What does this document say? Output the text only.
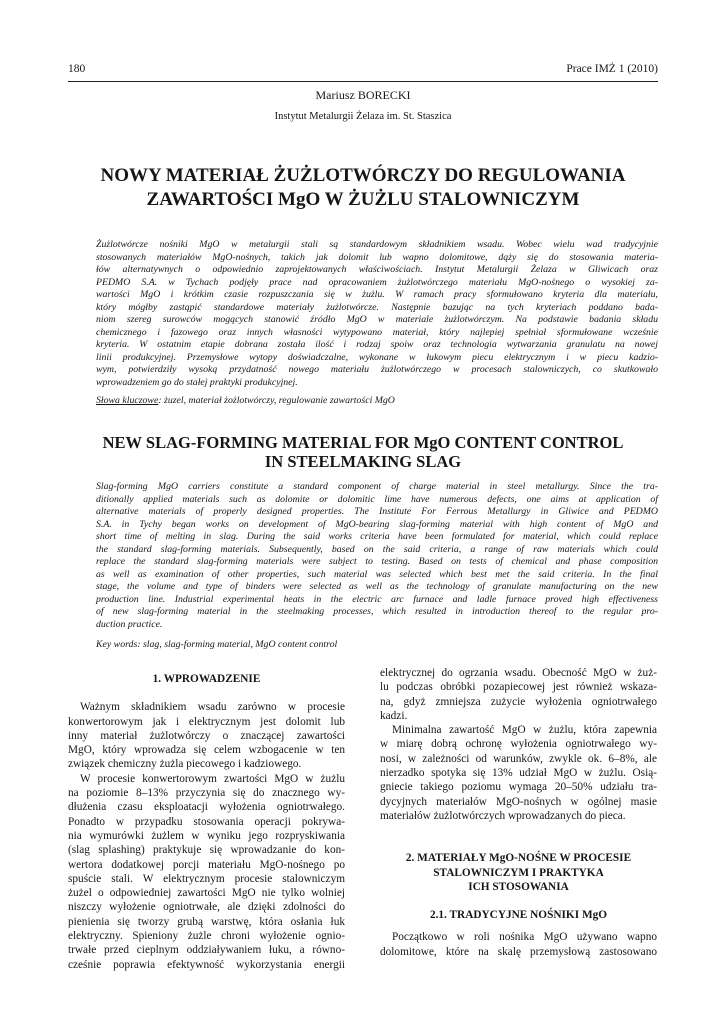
180	Prace IMŻ 1 (2010)
Mariusz BORECKI
Instytut Metalurgii Żelaza im. St. Staszica
NOWY MATERIAŁ ŻUŻLOTWÓRCZY DO REGULOWANIA
ZAWARTOŚCI MgO W ŻUŻLU STALOWNICZYM
Żużlotwórcze nośniki MgO w metalurgii stali są standardowym składnikiem wsadu. Wobec wielu wad tradycyjnie
stosowanych materiałów MgO-nośnych, takich jak dolomit lub wapno dolomitowe, dąży się do stosowania materia-
łów alternatywnych o odpowiednio zaprojektowanych właściwościach. Instytut Metalurgii Żelaza w Gliwicach oraz
PEDMO S.A. w Tychach podjęły prace nad opracowaniem żużlotwórczego materiału MgO-nośnego o wysokiej za-
wartości MgO i krótkim czasie rozpuszczania się w żużlu. W ramach pracy sformułowano kryteria dla materiału,
który mógłby zastąpić standardowe materiały żużlotwórcze. Następnie bazując na tych kryteriach poddano bada-
niom szereg surowców mogących stanowić źródło MgO w materiale żużlotwórczym. Na podstawie badania składu
chemicznego i fazowego oraz innych własności wytypowano materiał, który najlepiej spełniał sformułowane wcześnie
kryteria. W ostatnim etapie dobrana została ilość i rodzaj spoiw oraz technologia wytwarzania granulatu na nowej
linii produkcyjnej. Przemysłowe wytopy doświadczalne, wykonane w łukowym piecu elektrycznym i w piecu kadzio-
wym, potwierdziły wysoką przydatność nowego materiału żużlotwórczego w procesach stalowniczych, co skutkowało
wprowadzeniem go do stałej praktyki produkcyjnej.
Słowa kluczowe: żuzel, materiał żożlotwórczy, regulowanie zawartości MgO
NEW SLAG-FORMING MATERIAL FOR MgO CONTENT CONTROL
IN STEELMAKING SLAG
Slag-forming MgO carriers constitute a standard component of charge material in steel metallurgy. Since the tra-
ditionally applied materials such as dolomite or dolomitic lime have numerous defects, one aims at application of
alternative materials of properly designed properties. The Institute For Ferrous Metallurgy in Gliwice and PEDMO
S.A. in Tychy began works on development of MgO-bearing slag-forming material with high content of MgO and
short time of melting in slag. During the said works criteria have been formulated for material, which could replace
the standard slag-forming materials. Subsequently, based on the said criteria, a range of raw materials which could
replace the standard slag-forming materials were subject to testing. Based on tests of chemical and phase composition
as well as examination of other properties, such material was selected which best met the said criteria. In the final
stage, the volume and type of binders were selected as well as the technology of granulate manufacturing on the new
production line. Industrial experimental heats in the electric arc furnace and ladle furnace proved high effectiveness
of new slag-forming material in the steelmaking processes, which resulted in introduction thereof to the regular pro-
duction practice.
Key words: slag, slag-forming material, MgO content control
1. WPROWADZENIE

Ważnym składnikiem wsadu zarówno w procesie
konwertorowym jak i elektrycznym jest dolomit lub
inny materiał żużlotwórczy o znaczącej zawartości
MgO, który wprowadza się celem wzbogacenie w ten
związek chemiczny żużla piecowego i kadziowego.
W procesie konwertorowym zwartości MgO w żużlu
na poziomie 8–13% przyczynia się do znacznego wy-
dłużenia czasu eksploatacji wyłożenia ogniotrwałego.
Ponadto w przypadku stosowania operacji pokrywa-
nia wymurówki żużlem w wyniku jego rozpryskiwania
(slag splashing) praktykuje się wprowadzanie do kon-
wertora dodatkowej porcji materiału MgO-nośnego po
spuście stali. W elektrycznym procesie stalowniczym
żużel o odpowiedniej zawartości MgO nie tylko wolniej
niszczy wyłożenie ogniotrwałe, ale dzięki zdolności do
pienienia się tworzy grubą warstwę, która osłania łuk
elektryczny. Spieniony żużle chroni wyłożenie ognio-
trwałe przed cieplnym oddziaływaniem łuku, a równo-
cześnie poprawia efektywność wykorzystania energii

elektrycznej do ogrzania wsadu. Obecność MgO w żuż-
lu podczas obróbki pozapiecowej jest również wskaza-
na, gdyż zmniejsza zużycie wyłożenia ogniotrwałego
kadzi.

Minimalna zawartość MgO w żużlu, która zapewnia
w miarę dobrą ochronę wyłożenia ogniotrwałego wy-
nosi, w zależności od warunków, zwykle ok. 6–8%, ale
nierzadko spotyka się 13% udział MgO w żużlu. Osią-
gniecie takiego poziomu wymaga 20–50% udziału tra-
dycyjnych materiałów MgO-nośnych w ogólnej masie
materiałów żużlotwórczych wprowadzanych do pieca.

2. MATERIAŁY MgO-NOŚNE W PROCESIE
STALOWNICZYM I PRAKTYKA
ICH STOSOWANIA
2.1. TRADYCYJNE NOŚNIKI MgO

Początkowo w roli nośnika MgO używano wapno
dolomitowe, które na skalę przemysłową zastosowano
